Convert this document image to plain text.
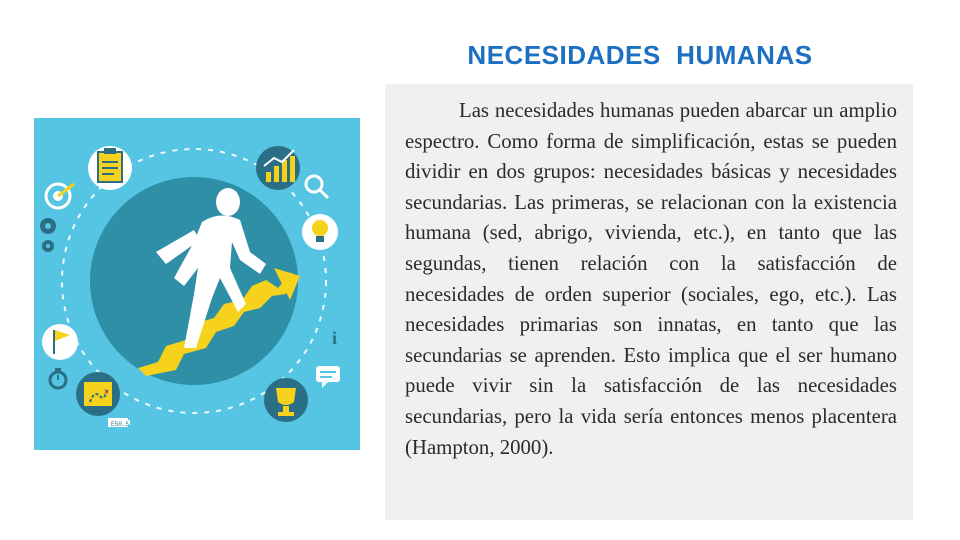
NECESIDADES  HUMANAS
i
x
E50.5

Las necesidades humanas pueden abarcar un amplio espectro. Como forma de simplificación, estas se pueden dividir en dos grupos: necesidades básicas y necesidades secundarias. Las primeras, se relacionan con la existencia humana (sed, abrigo, vivienda, etc.), en tanto que las segundas, tienen relación con la satisfacción de necesidades de orden superior (sociales, ego, etc.). Las necesidades primarias son innatas, en tanto que las secundarias se aprenden. Esto implica que el ser humano puede vivir sin la satisfacción de las necesidades secundarias, pero la vida sería entonces menos placentera (Hampton, 2000).
